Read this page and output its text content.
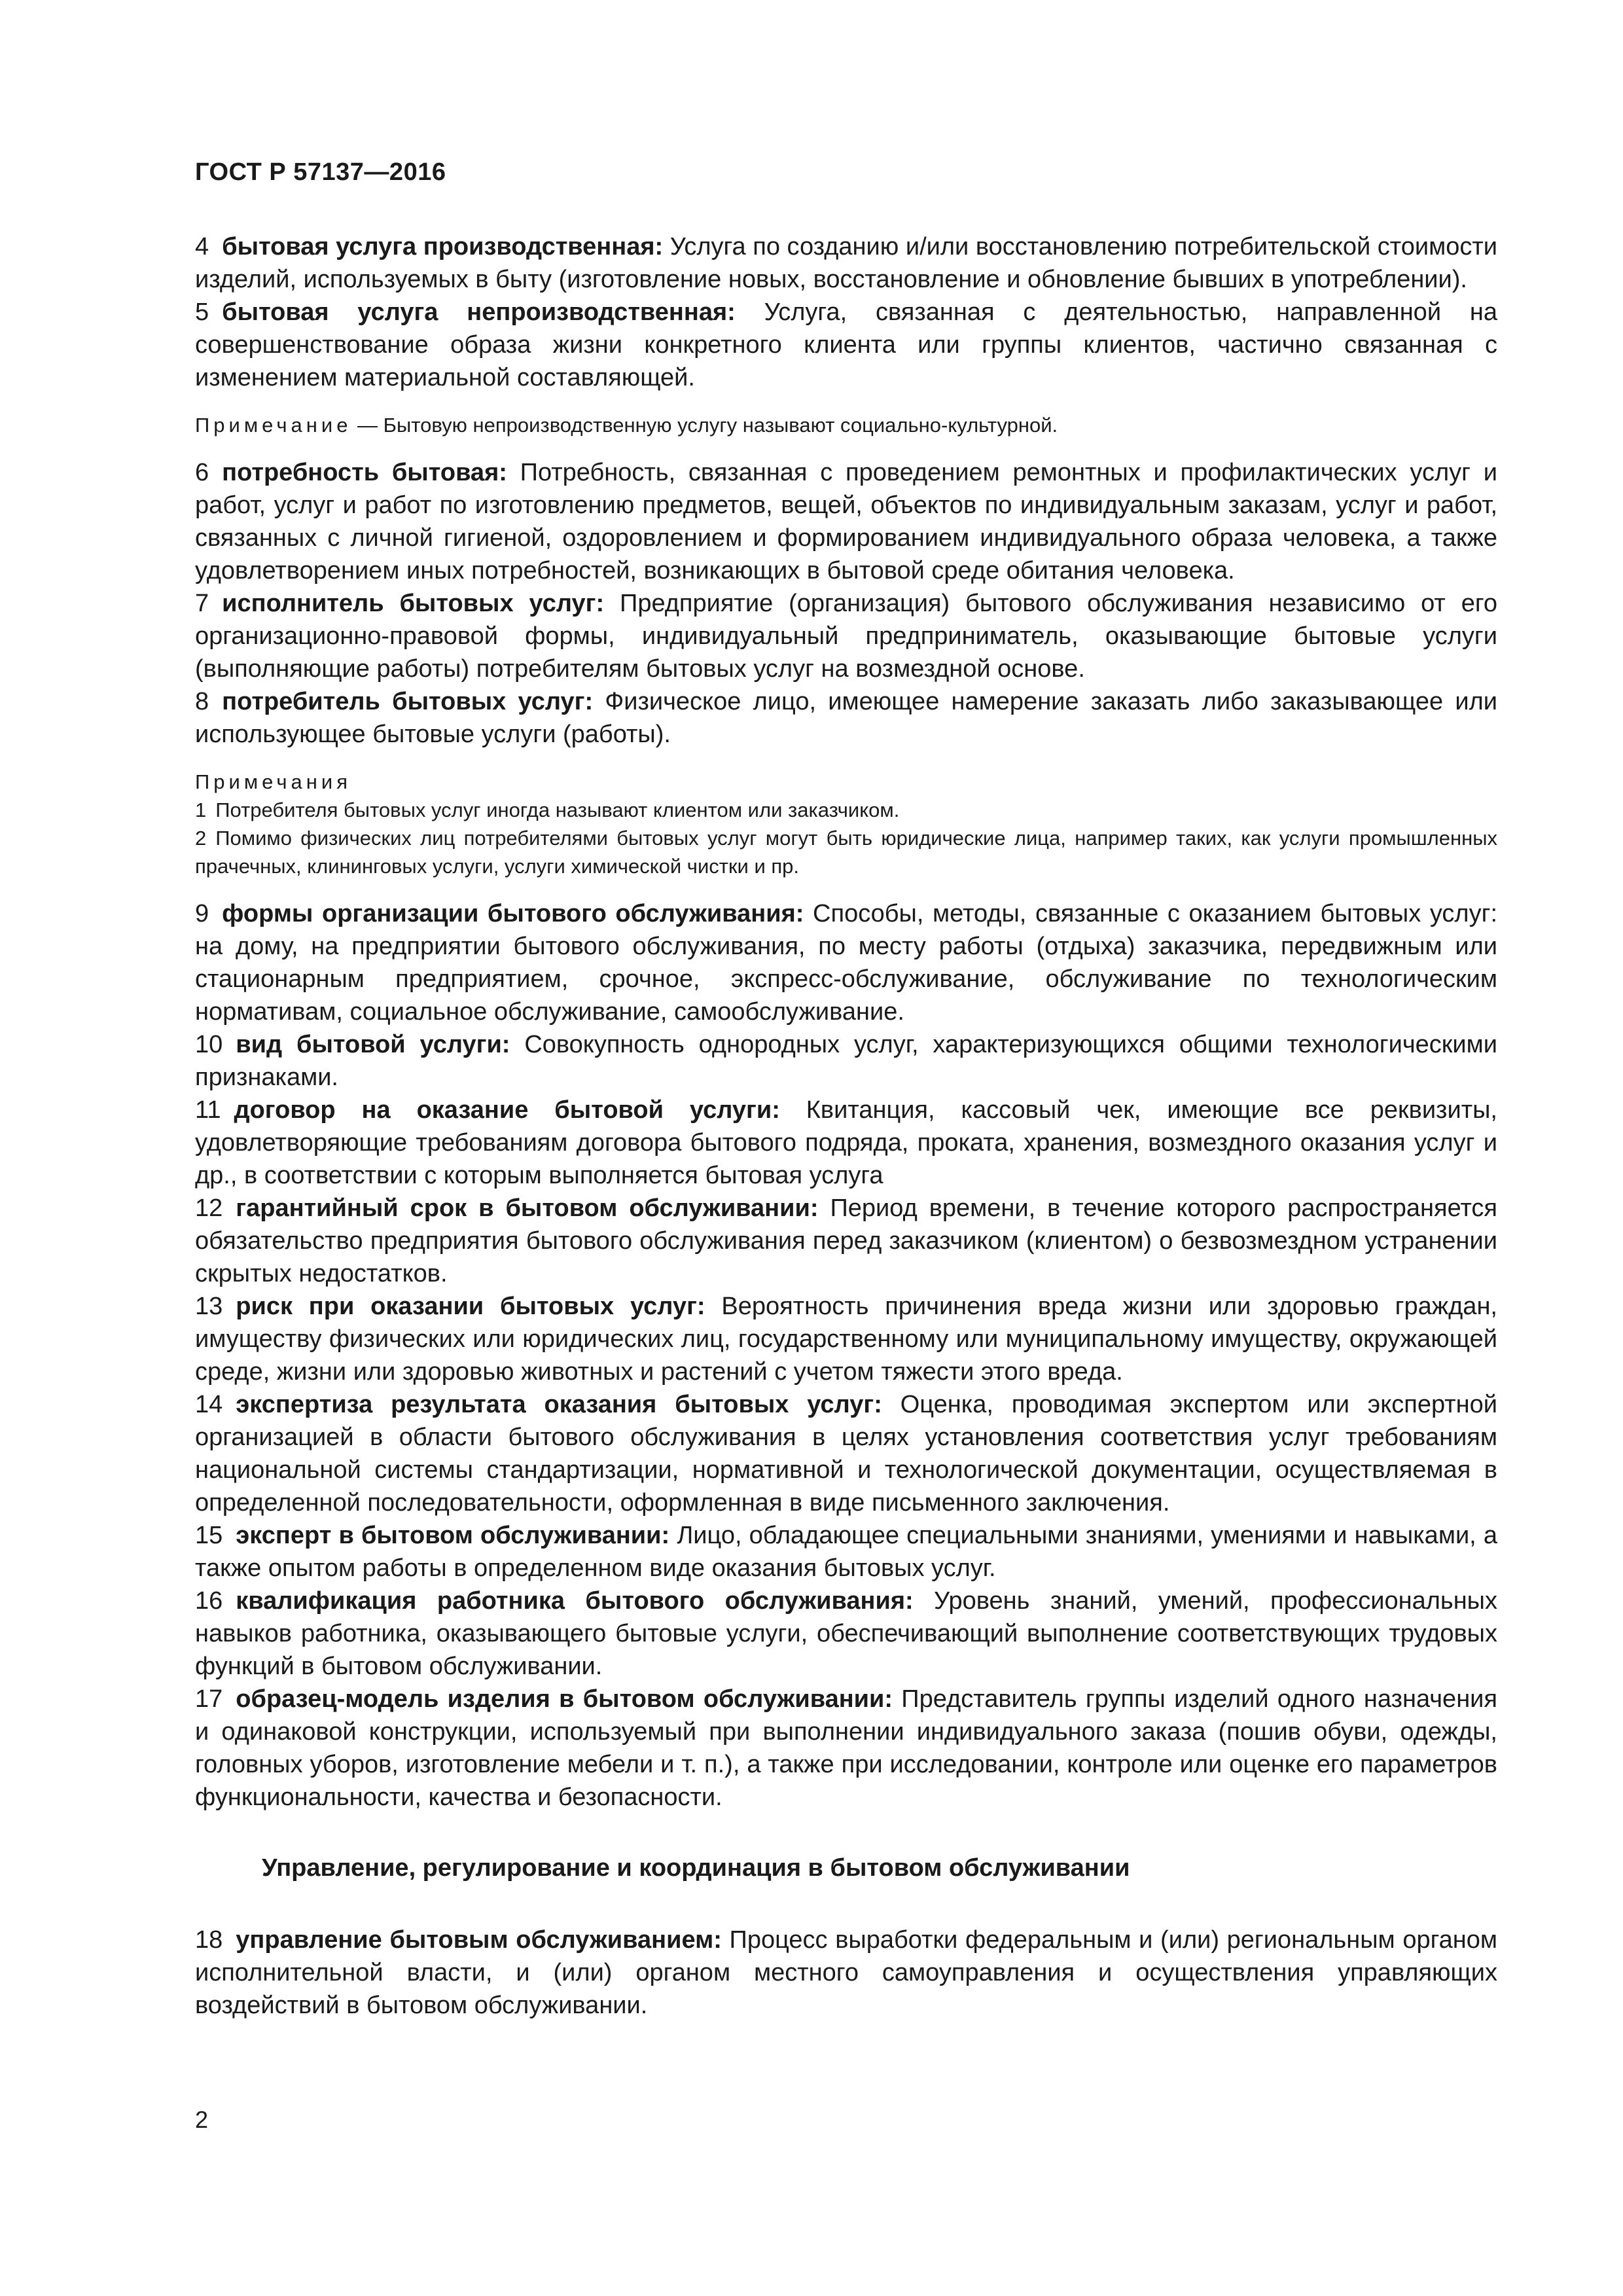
ГОСТ Р 57137—2016

4 бытовая услуга производственная: Услуга по созданию и/или восстановлению потребительской стоимости изделий, используемых в быту (изготовление новых, восстановление и обновление бывших в употреблении).

5 бытовая услуга непроизводственная: Услуга, связанная с деятельностью, направленной на совершенствование образа жизни конкретного клиента или группы клиентов, частично связанная с изменением материальной составляющей.

Примечание — Бытовую непроизводственную услугу называют социально-культурной.

6 потребность бытовая: Потребность, связанная с проведением ремонтных и профилактических услуг и работ, услуг и работ по изготовлению предметов, вещей, объектов по индивидуальным заказам, услуг и работ, связанных с личной гигиеной, оздоровлением и формированием индивидуального образа человека, а также удовлетворением иных потребностей, возникающих в бытовой среде обитания человека.

7 исполнитель бытовых услуг: Предприятие (организация) бытового обслуживания независимо от его организационно-правовой формы, индивидуальный предприниматель, оказывающие бытовые услуги (выполняющие работы) потребителям бытовых услуг на возмездной основе.

8 потребитель бытовых услуг: Физическое лицо, имеющее намерение заказать либо заказывающее или использующее бытовые услуги (работы).

Примечания

1 Потребителя бытовых услуг иногда называют клиентом или заказчиком.

2 Помимо физических лиц потребителями бытовых услуг могут быть юридические лица, например таких, как услуги промышленных прачечных, клининговых услуги, услуги химической чистки и пр.

9 формы организации бытового обслуживания: Способы, методы, связанные с оказанием бытовых услуг: на дому, на предприятии бытового обслуживания, по месту работы (отдыха) заказчика, передвижным или стационарным предприятием, срочное, экспресс-обслуживание, обслуживание по технологическим нормативам, социальное обслуживание, самообслуживание.

10 вид бытовой услуги: Совокупность однородных услуг, характеризующихся общими технологическими признаками.

11 договор на оказание бытовой услуги: Квитанция, кассовый чек, имеющие все реквизиты, удовлетворяющие требованиям договора бытового подряда, проката, хранения, возмездного оказания услуг и др., в соответствии с которым выполняется бытовая услуга

12 гарантийный срок в бытовом обслуживании: Период времени, в течение которого распространяется обязательство предприятия бытового обслуживания перед заказчиком (клиентом) о безвозмездном устранении скрытых недостатков.

13 риск при оказании бытовых услуг: Вероятность причинения вреда жизни или здоровью граждан, имуществу физических или юридических лиц, государственному или муниципальному имуществу, окружающей среде, жизни или здоровью животных и растений с учетом тяжести этого вреда.

14 экспертиза результата оказания бытовых услуг: Оценка, проводимая экспертом или экспертной организацией в области бытового обслуживания в целях установления соответствия услуг требованиям национальной системы стандартизации, нормативной и технологической документации, осуществляемая в определенной последовательности, оформленная в виде письменного заключения.

15 эксперт в бытовом обслуживании: Лицо, обладающее специальными знаниями, умениями и навыками, а также опытом работы в определенном виде оказания бытовых услуг.

16 квалификация работника бытового обслуживания: Уровень знаний, умений, профессиональных навыков работника, оказывающего бытовые услуги, обеспечивающий выполнение соответствующих трудовых функций в бытовом обслуживании.

17 образец-модель изделия в бытовом обслуживании: Представитель группы изделий одного назначения и одинаковой конструкции, используемый при выполнении индивидуального заказа (пошив обуви, одежды, головных уборов, изготовление мебели и т. п.), а также при исследовании, контроле или оценке его параметров функциональности, качества и безопасности.

Управление, регулирование и координация в бытовом обслуживании

18 управление бытовым обслуживанием: Процесс выработки федеральным и (или) региональным органом исполнительной власти, и (или) органом местного самоуправления и осуществления управляющих воздействий в бытовом обслуживании.

2
